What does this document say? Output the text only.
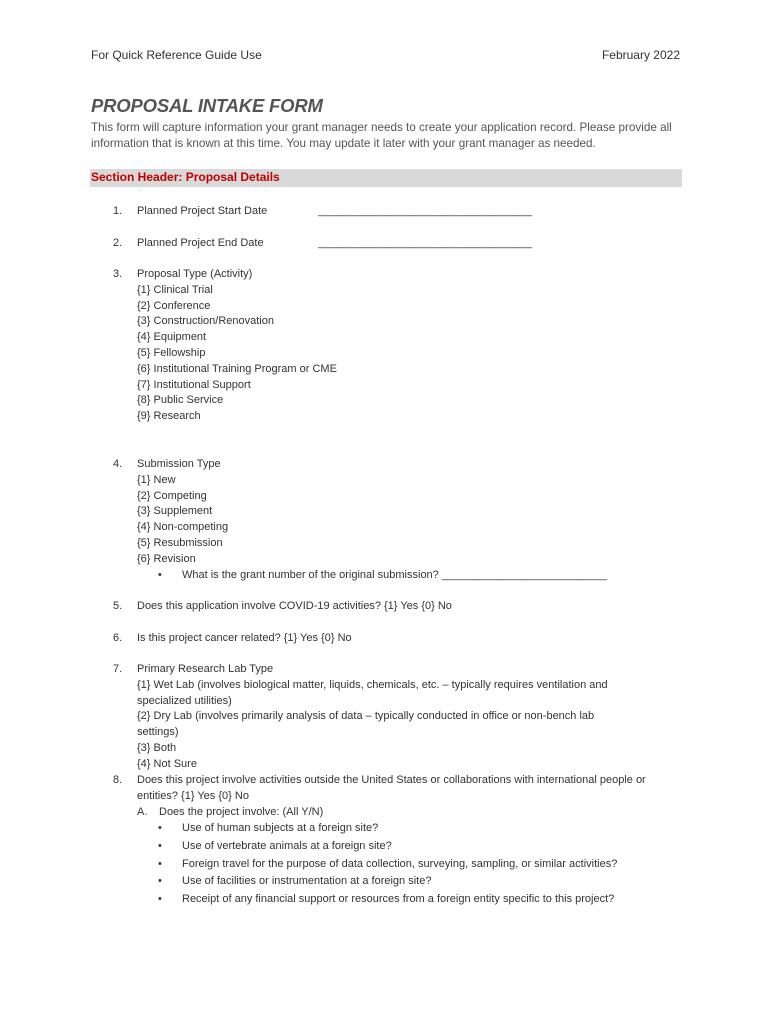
For Quick Reference Guide Use	February 2022
PROPOSAL INTAKE FORM

This form will capture information your grant manager needs to create your application record. Please provide all information that is known at this time. You may update it later with your grant manager as needed.

Section Header: Proposal Details
1. Planned Project Start Date	___________________________________
2. Planned Project End Date	___________________________________
3. Proposal Type (Activity)
{1} Clinical Trial
{2} Conference
{3} Construction/Renovation
{4} Equipment
{5} Fellowship
{6} Institutional Training Program or CME
{7} Institutional Support
{8} Public Service
{9} Research
4. Submission Type
{1} New
{2} Competing
{3} Supplement
{4} Non-competing
{5} Resubmission
{6} Revision
• What is the grant number of the original submission? ___________________________
5. Does this application involve COVID-19 activities? {1} Yes {0} No
6. Is this project cancer related? {1} Yes {0} No
7. Primary Research Lab Type
{1} Wet Lab (involves biological matter, liquids, chemicals, etc. – typically requires ventilation and specialized utilities)
{2} Dry Lab (involves primarily analysis of data – typically conducted in office or non-bench lab settings)
{3} Both
{4} Not Sure
8. Does this project involve activities outside the United States or collaborations with international people or entities? {1} Yes {0} No
A. Does the project involve: (All Y/N)
• Use of human subjects at a foreign site?
• Use of vertebrate animals at a foreign site?
• Foreign travel for the purpose of data collection, surveying, sampling, or similar activities?
• Use of facilities or instrumentation at a foreign site?
• Receipt of any financial support or resources from a foreign entity specific to this project?
